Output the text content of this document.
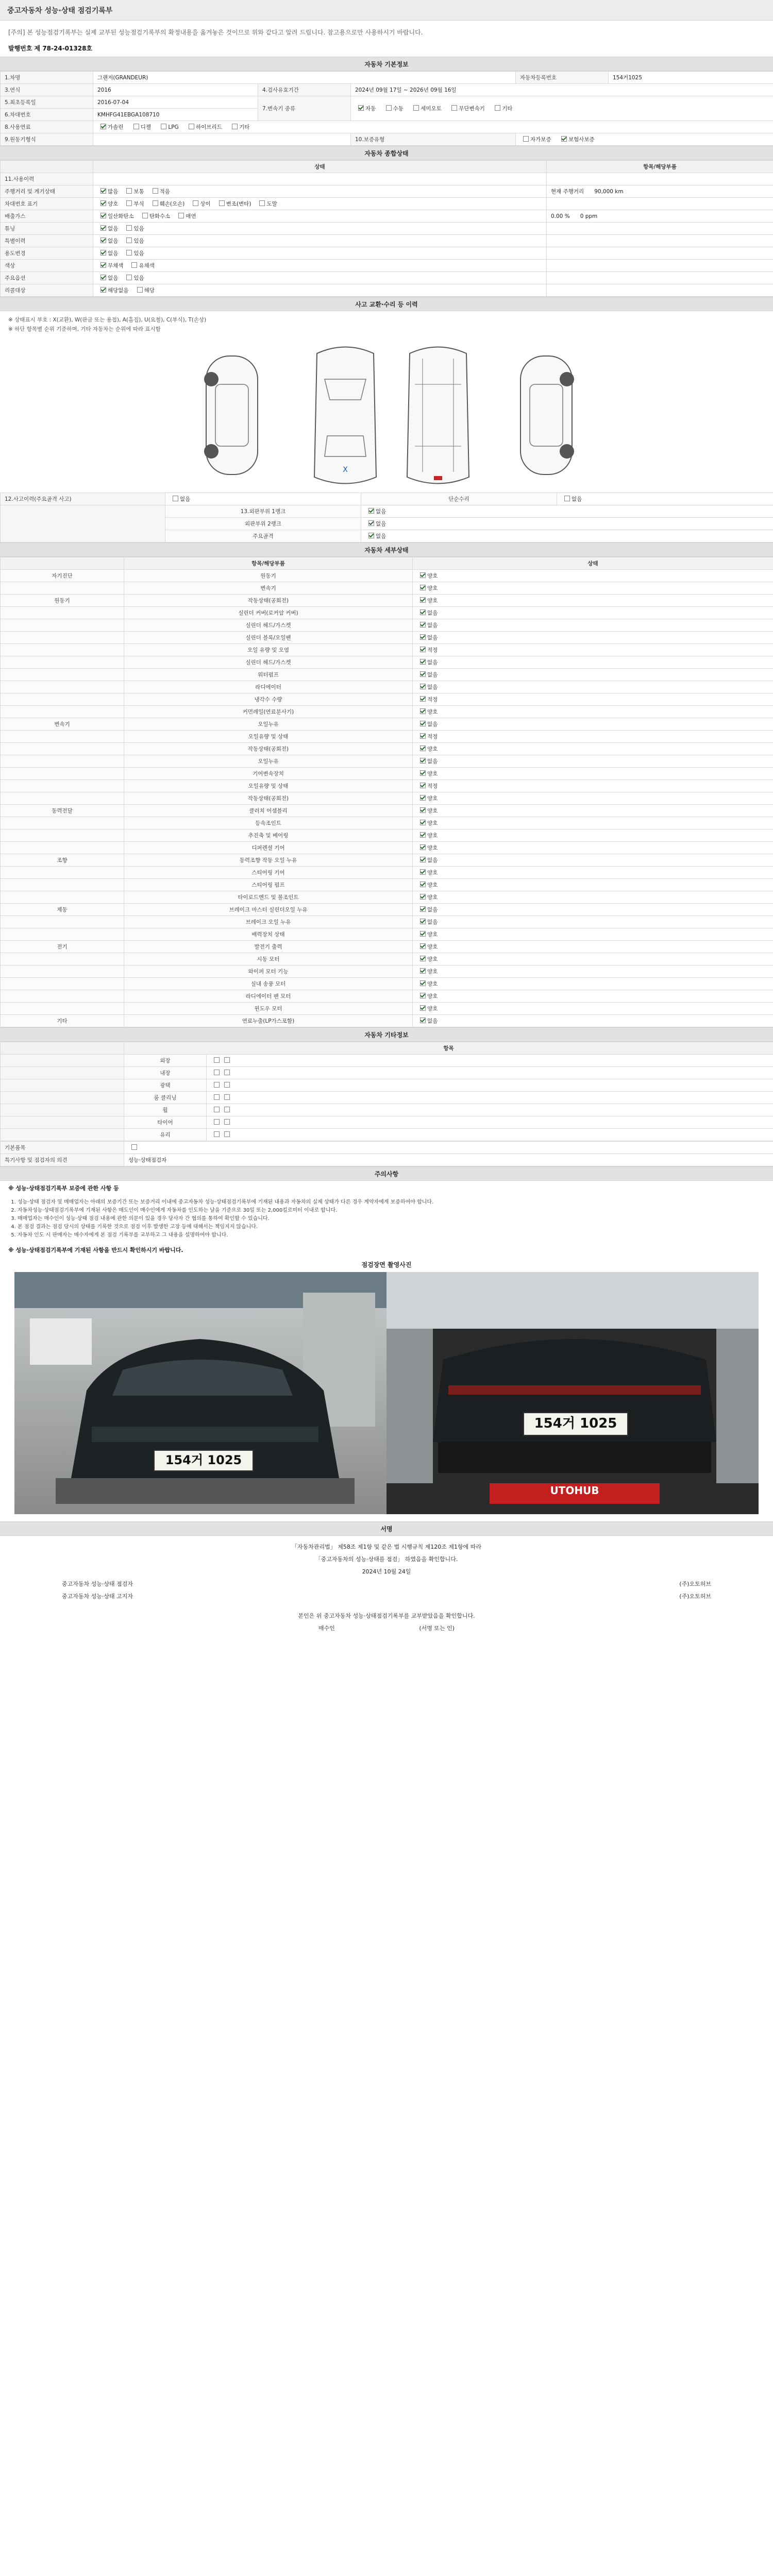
중고자동차 성능·상태 점검기록부
[주의] 본 성능점검기록부는 실제 교부된 성능점검기록부의 확정내용을 옮겨놓은 것이므로 위와 같다고 알려 드립니다. 참고용으로만 사용하시기 바랍니다.
발행번호 제 78-24-01328호
자동차 기본정보
1.차명	그랜저(GRANDEUR)			자동차등록번호	154거1025
3.연식	2016	4.검사유효기간	2024년 09월 17일 ~ 2026년 09월 16일		
5.최초등록일	2016-07-04	7.변속기 종류	자동 수동 세미오토 무단변속기 기타		
6.차대번호	KMHFG41EBGA108710				
8.사용연료	가솔린 디젤 LPG 하이브리드 기타				
9.원동기형식			10.보증유형	자가보증 보험사보증	
자동차 종합상태
	상태	항목/해당부품
11.사용이력		
주행거리 및 계기상태	많음 보통 적음	현재 주행거리 90,000 km
차대번호 표기	양호 부식 훼손(오손) 상이 변조(변타) 도말	
배출가스	일산화탄소 탄화수소 매연	0.00 % 0 ppm
튜닝	없음 있음	
특별이력	없음 있음	
용도변경	없음 있음	
색상	무채색 유채색	
주요옵션	없음 있음	
리콜대상	해당없음 해당	
사고 교환·수리 등 이력
※ 상태표시 부호 : X(교환), W(판금 또는 용접), A(흠집), U(요철), C(부식), T(손상)
※ 하단 항목별 순위 기준하며, 기타 자동차는 순위에 따라 표시함
X
12.사고이력(주요골격 사고)	없음	단순수리	없음
	13.외판부위 1랭크	없음	
	외판부위 2랭크	없음	
	주요골격	없음	
자동차 세부상태
	항목/해당부품	상태
자기진단	원동기	양호
	변속기	양호
원동기	작동상태(공회전)	양호
	실린더 커버(로커암 커버)	없음
	실린더 헤드/가스켓	없음
	실린더 블록/오일팬	없음
	오일 유량 및 오염	적정
	실린더 헤드/가스켓	없음
	워터펌프	없음
	라디에이터	없음
	냉각수 수량	적정
	커먼레일(연료분사기)	양호
변속기	오일누유	없음
	오일유량 및 상태	적정
	작동상태(공회전)	양호
	오일누유	없음
	기어변속장치	양호
	오일유량 및 상태	적정
	작동상태(공회전)	양호
동력전달	클러치 어셈블리	양호
	등속조인트	양호
	추진축 및 베어링	양호
	디퍼렌셜 기어	양호
조향	동력조향 작동 오일 누유	없음
	스티어링 기어	양호
	스티어링 펌프	양호
	타이로드엔드 및 볼조인트	양호
제동	브레이크 마스터 실린더오일 누유	없음
	브레이크 오일 누유	없음
	배력장치 상태	양호
전기	발전기 출력	양호
	시동 모터	양호
	와이퍼 모터 기능	양호
	실내 송풍 모터	양호
	라디에이터 팬 모터	양호
	윈도우 모터	양호
기타	연료누출(LP가스포함)	없음
자동차 기타정보
	항목	
	외장	
	내장	
	광택	
	룸 클리닝	
	휠	
	타이어	
	유리	
기본품목	
특기사항 및 점검자의 의견	성능·상태점검자
주의사항
※ 성능·상태점검기록부 보증에 관한 사항 등
1. 성능·상태 점검자 및 매매업자는 아래의 보증기간 또는 보증거리 이내에 중고자동차 성능·상태점검기록부에 기재된 내용과 자동차의 실제 상태가 다른 경우 계약자에게 보증하여야 합니다.
2. 자동차성능·상태점검기록부에 기재된 사항은 매도인이 매수인에게 자동차를 인도하는 날을 기준으로 30일 또는 2,000킬로미터 이내로 합니다.
3. 매매업자는 매수인이 성능·상태 점검 내용에 관한 의문이 있을 경우 당사자 간 협의를 통하여 확인할 수 있습니다.
4. 본 점검 결과는 점검 당시의 상태를 기록한 것으로 점검 이후 발생한 고장 등에 대해서는 책임지지 않습니다.
5. 자동차 인도 시 판매자는 매수자에게 본 점검 기록부를 교부하고 그 내용을 설명하여야 합니다.
※ 성능·상태점검기록부에 기재된 사항을 반드시 확인하시기 바랍니다.
점검장면 촬영사진
154거 1025
154거 1025
UTOHUB
서명
「자동차관리법」 제58조 제1항 및 같은 법 시행규칙 제120조 제1항에 따라
「중고자동차의 성능·상태를 점검」 하였음을 확인합니다.
2024년 10월 24일
중고자동차 성능·상태 점검자	(주)오토허브
중고자동차 성능·상태 고지자	(주)오토허브
본인은 위 중고자동차 성능·상태점검기록부를 교부받았음을 확인합니다.
매수인	(서명 또는 인)
